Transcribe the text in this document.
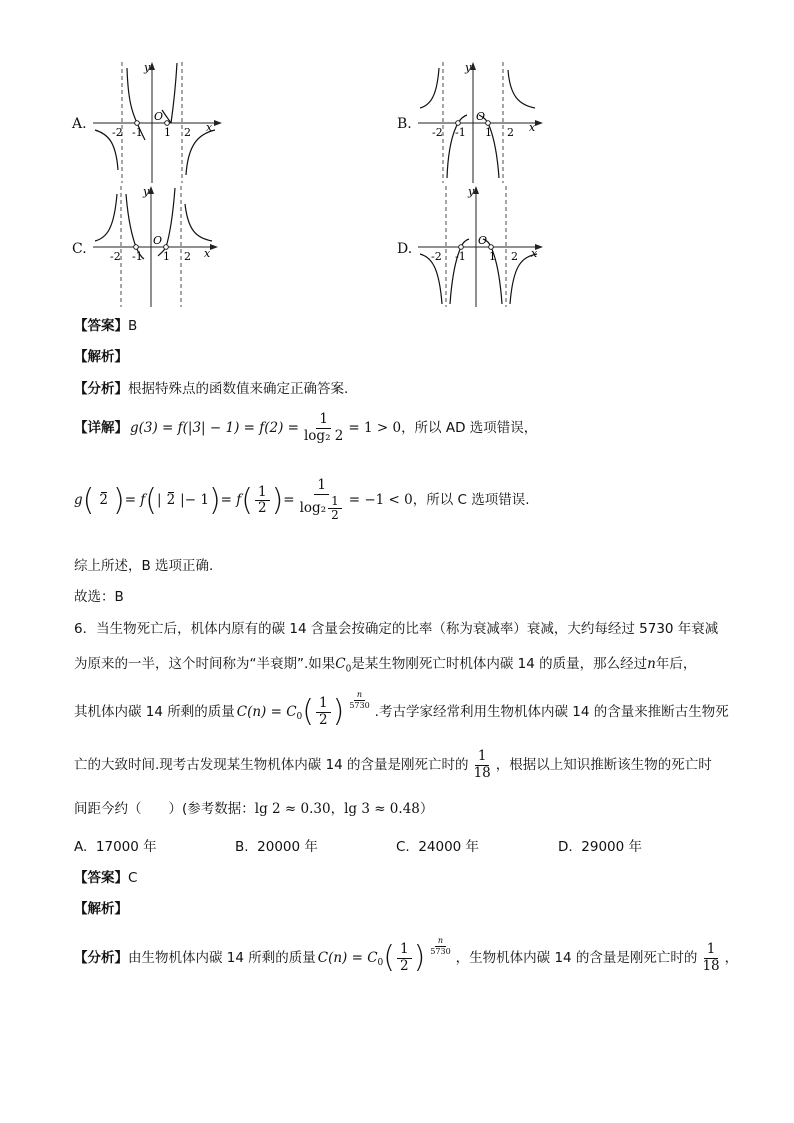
A.
-2 -1 1 2
O
x
y
B.
-2 -1 1 2
O
x
y
C. -2 -1 1 2
O
x
y
D. -2 -1 1 2
O
x
y
【答案】B
【解析】
【分析】根据特殊点的函数值来确定正确答案.
【详解】 $g(3) = f(|3| - 1) = f(2) = \frac{1}{\text{log₂ 2}} = 1 > 0$ ，所以 AD 选项错误，
g ( 2 ) = f ( | 2 | − 1 ) = f ( $\frac{1}{2}$ ) = $\frac{1}{\log_2 \frac{1}{2}} = -1 < 0$ ，所以 C 选项错误.
综上所述，B 选项正确.
故选：B
6．当生物死亡后，机体内原有的碳 14 含量会按确定的比率（称为衰减率）衰减，大约每经过 5730 年衰减
为原来的一半，这个时间称为“半衰期”.如果$C_0$是某生物刚死亡时机体内碳 14 的质量，那么经过n年后，
其机体内碳 14 所剩的质量 C(n) = C 0 ( $\frac{1}{2}$ ) $\frac{n}{5730}$
.考古学家经常利用生物机体内碳 14 的含量来推断古生物死
亡的大致时间.现考古发现某生物机体内碳 14 的含量是刚死亡时的 $\frac{1}{18}$ ，根据以上知识推断该生物的死亡时
间距今约（　　）(参考数据：lg 2 ≈ 0.30，lg 3 ≈ 0.48）
A. 17000 年	B. 20000 年	C. 24000 年	D. 29000 年
【答案】C
【解析】
【分析】 由生物机体内碳 14 所剩的质量 C(n) = C 0 ( $\frac{1}{2}$ ) $\frac{n}{5730}$
，生物机体内碳 14 的含量是刚死亡时的 $\frac{1}{18}$ ，
